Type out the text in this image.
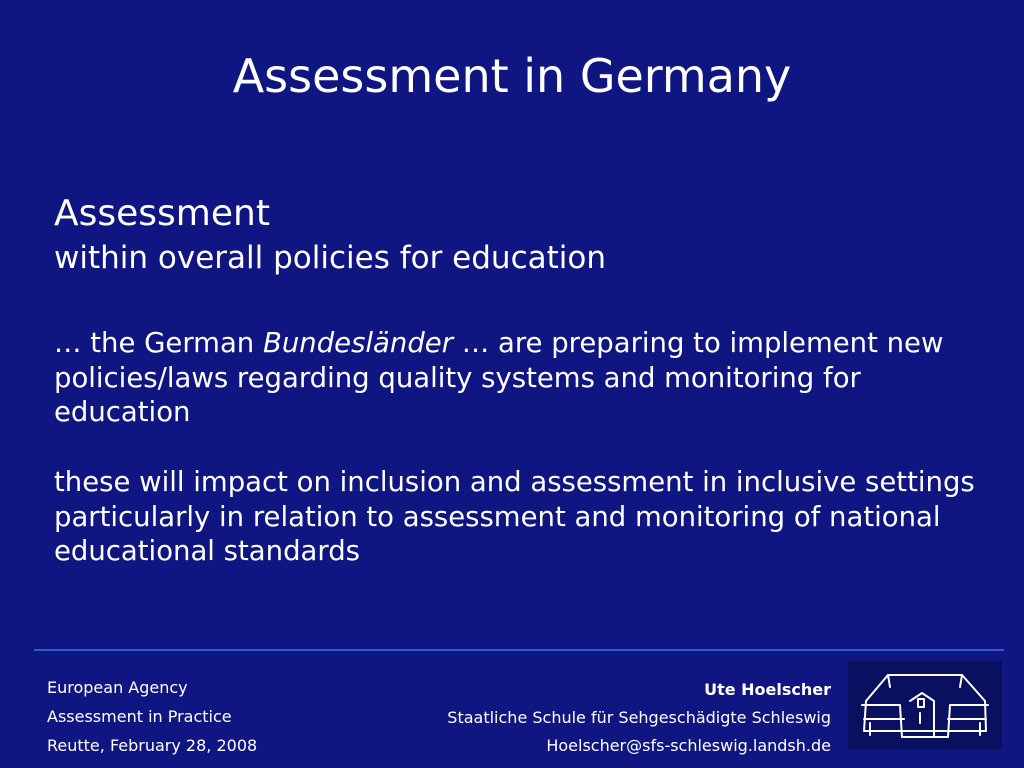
Assessment in Germany
Assessment
within overall policies for education

… the German Bundesländer … are preparing to implement new policies/laws regarding quality systems and monitoring for education

these will impact on inclusion and assessment in inclusive settings particularly in relation to assessment and monitoring of national educational standards

European Agency
Assessment in Practice
Reutte, February 28, 2008
Ute Hoelscher
Staatliche Schule für Sehgeschädigte Schleswig
Hoelscher@sfs-schleswig.landsh.de
